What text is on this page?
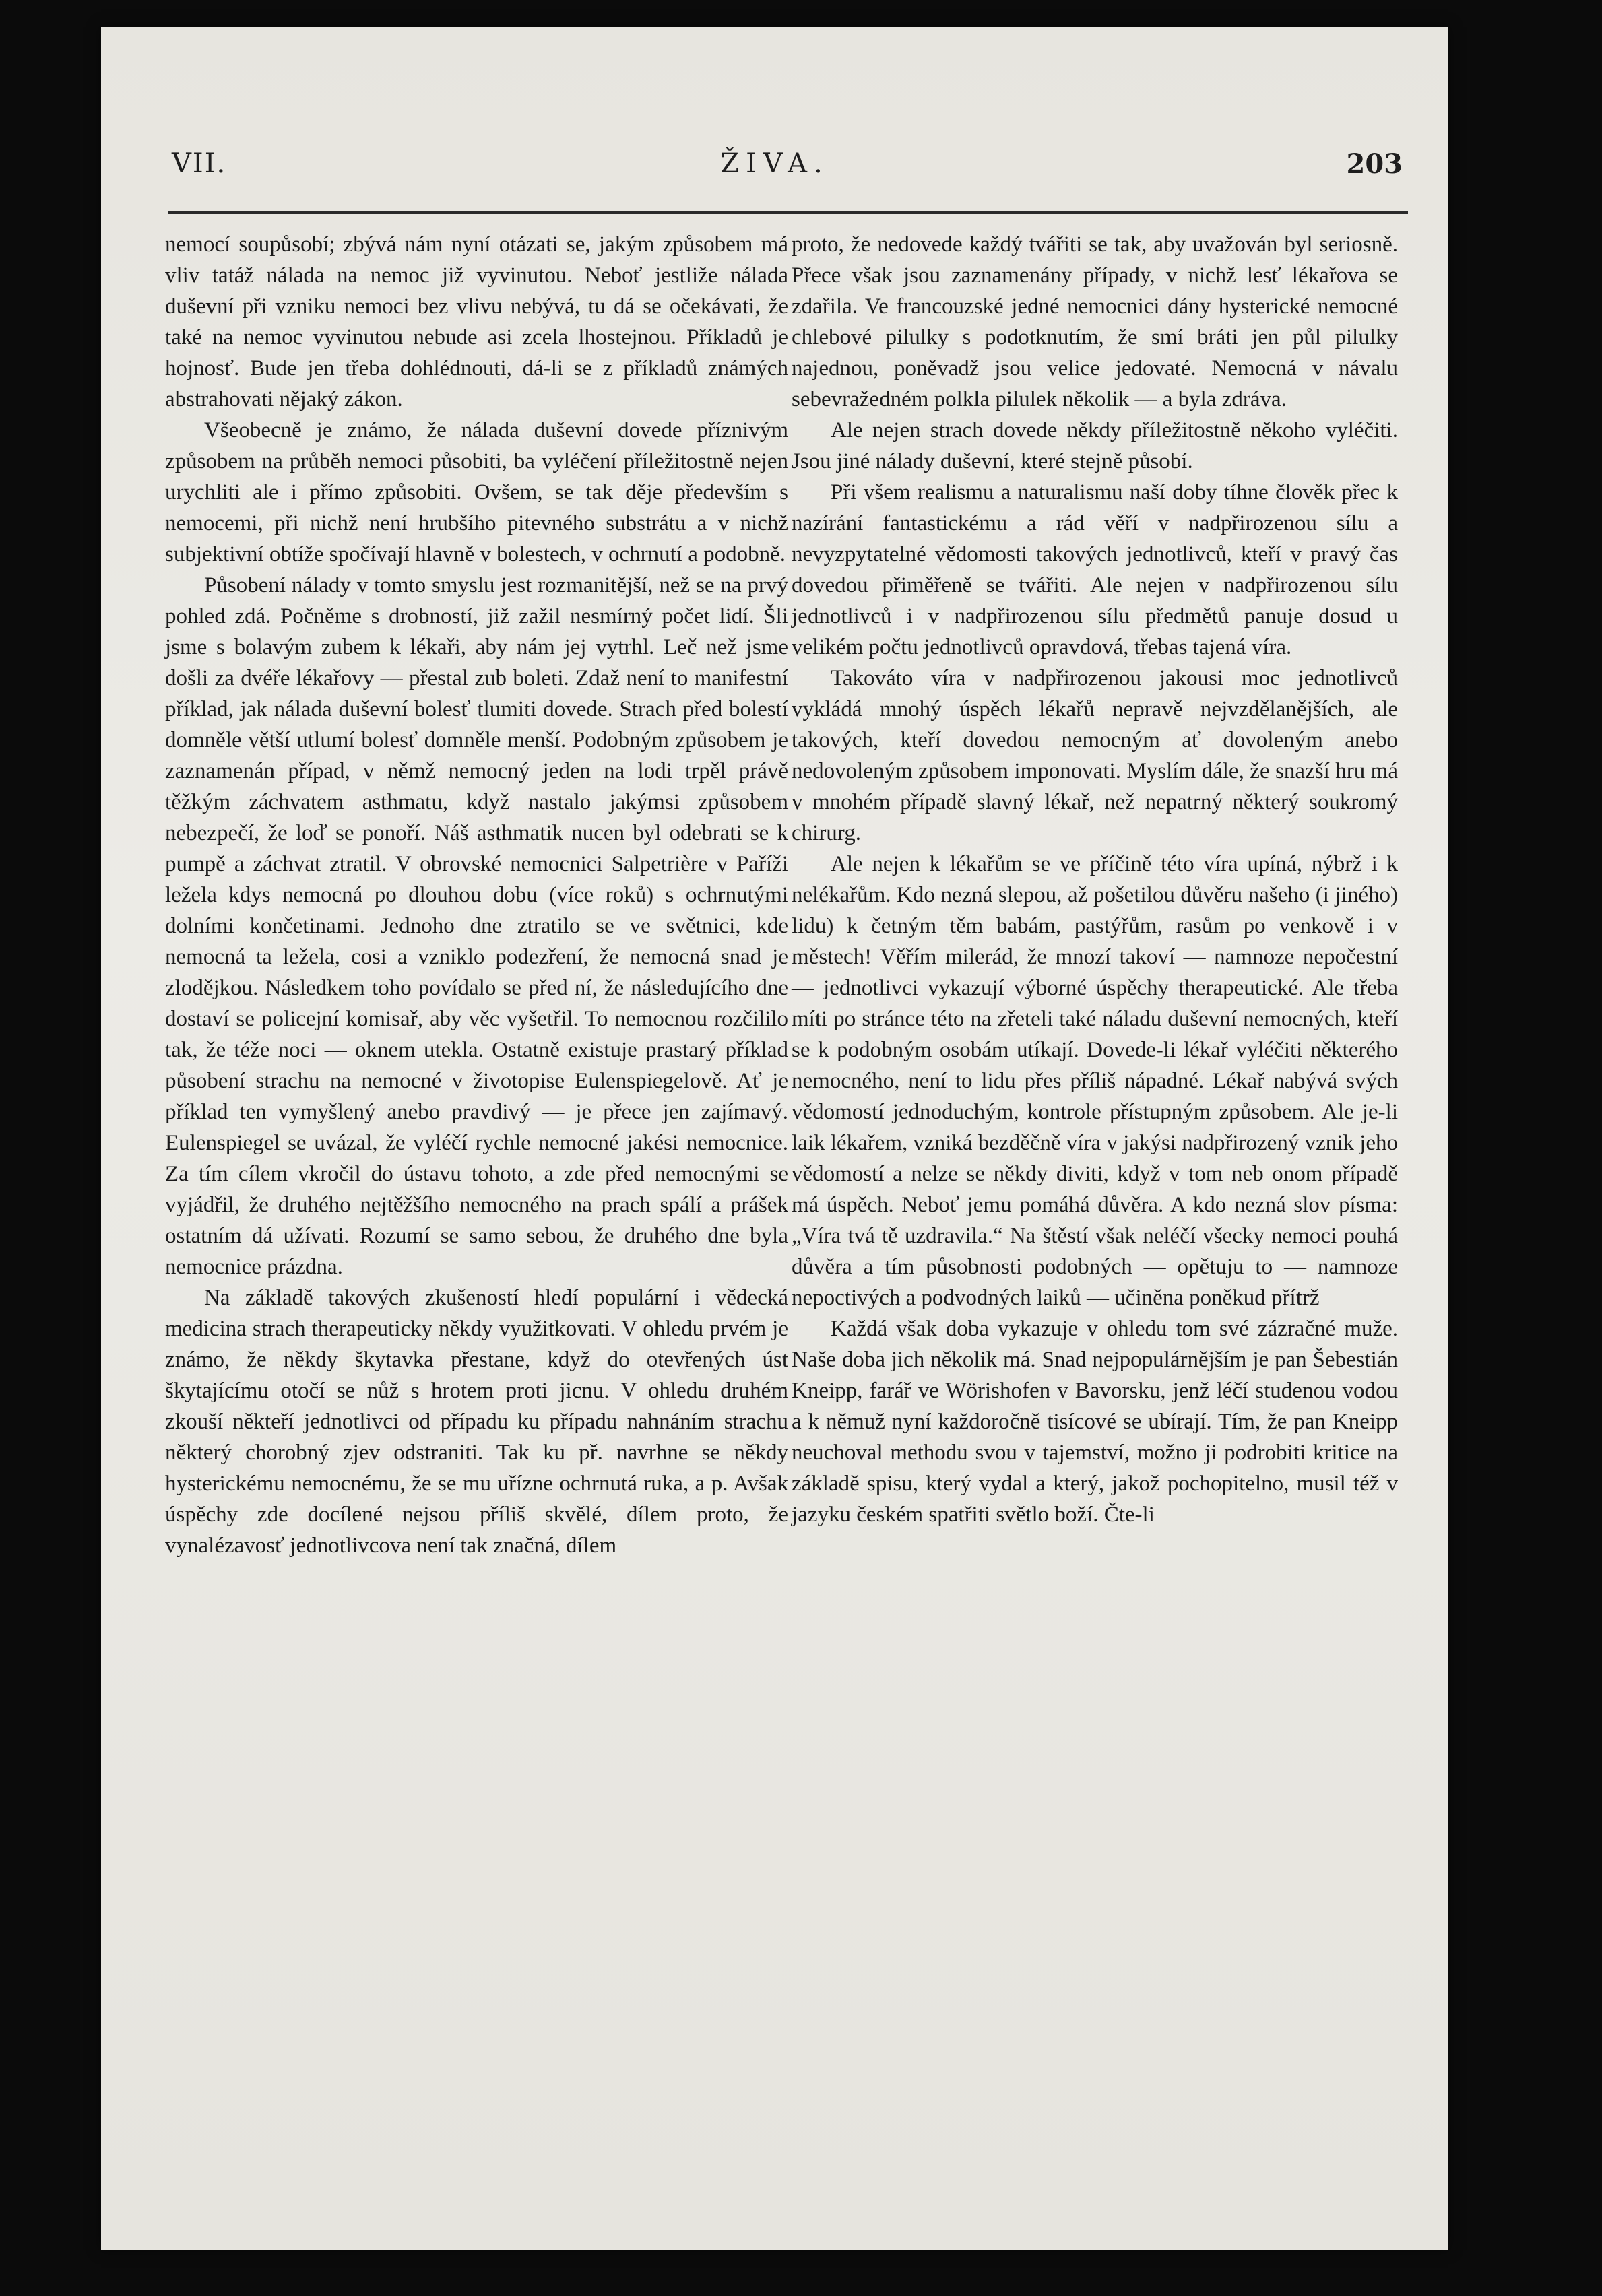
VII.	ŽIVA.	203

nemocí soupůsobí; zbývá nám nyní otázati se, jakým způsobem má vliv tatáž nálada na nemoc již vyvinutou. Neboť jestliže nálada duševní při vzniku nemoci bez vlivu nebývá, tu dá se očekávati, že také na nemoc vyvinutou nebude asi zcela lhostejnou. Příkladů je hojnosť. Bude jen třeba dohlédnouti, dá-li se z příkladů známých abstrahovati nějaký zákon.

Všeobecně je známo, že nálada duševní dovede příznivým způsobem na průběh nemoci působiti, ba vyléčení příležitostně nejen urychliti ale i přímo způsobiti. Ovšem, se tak děje především s nemocemi, při nichž není hrubšího pitevného substrátu a v nichž subjektivní obtíže spočívají hlavně v bolestech, v ochrnutí a podobně.

Působení nálady v tomto smyslu jest rozmanitější, než se na prvý pohled zdá. Počněme s drobností, již zažil nesmírný počet lidí. Šli jsme s bolavým zubem k lékaři, aby nám jej vytrhl. Leč než jsme došli za dvéře lékařovy — přestal zub boleti. Zdaž není to manifestní příklad, jak nálada duševní bolesť tlumiti dovede. Strach před bolestí domněle větší utlumí bolesť domněle menší. Podobným způsobem je zaznamenán případ, v němž nemocný jeden na lodi trpěl právě těžkým záchvatem asthmatu, když nastalo jakýmsi způsobem nebezpečí, že loď se ponoří. Náš asthmatik nucen byl odebrati se k pumpě a záchvat ztratil. V obrovské nemocnici Salpetrière v Paříži ležela kdys nemocná po dlouhou dobu (více roků) s ochrnutými dolními končetinami. Jednoho dne ztratilo se ve světnici, kde nemocná ta ležela, cosi a vzniklo podezření, že nemocná snad je zlodějkou. Následkem toho povídalo se před ní, že následujícího dne dostaví se policejní komisař, aby věc vyšetřil. To nemocnou rozčililo tak, že téže noci — oknem utekla. Ostatně existuje prastarý příklad působení strachu na nemocné v životopise Eulenspiegelově. Ať je příklad ten vymyšlený anebo pravdivý — je přece jen zajímavý. Eulenspiegel se uvázal, že vyléčí rychle nemocné jakési nemocnice. Za tím cílem vkročil do ústavu tohoto, a zde před nemocnými se vyjádřil, že druhého nejtěžšího nemocného na prach spálí a prášek ostatním dá užívati. Rozumí se samo sebou, že druhého dne byla nemocnice prázdna.

Na základě takových zkušeností hledí populární i vědecká medicina strach therapeuticky někdy využitkovati. V ohledu prvém je známo, že někdy škytavka přestane, když do otevřených úst škytajícímu otočí se nůž s hrotem proti jicnu. V ohledu druhém zkouší někteří jednotlivci od případu ku případu nahnáním strachu některý chorobný zjev odstraniti. Tak ku př. navrhne se někdy hysterickému nemocnému, že se mu uřízne ochrnutá ruka, a p. Avšak úspěchy zde docílené nejsou příliš skvělé, dílem proto, že vynalézavosť jednotlivcova není tak značná, dílem

proto, že nedovede každý tvářiti se tak, aby uvažován byl seriosně. Přece však jsou zaznamenány případy, v nichž lesť lékařova se zdařila. Ve francouzské jedné nemocnici dány hysterické nemocné chlebové pilulky s podotknutím, že smí bráti jen půl pilulky najednou, poněvadž jsou velice jedovaté. Nemocná v návalu sebevražedném polkla pilulek několik — a byla zdráva.

Ale nejen strach dovede někdy příležitostně někoho vyléčiti. Jsou jiné nálady duševní, které stejně působí.

Při všem realismu a naturalismu naší doby tíhne člověk přec k nazírání fantastickému a rád věří v nadpřirozenou sílu a nevyzpytatelné vědomosti takových jednotlivců, kteří v pravý čas dovedou přiměřeně se tvářiti. Ale nejen v nadpřirozenou sílu jednotlivců i v nadpřirozenou sílu předmětů panuje dosud u velikém počtu jednotlivců opravdová, třebas tajená víra.

Takováto víra v nadpřirozenou jakousi moc jednotlivců vykládá mnohý úspěch lékařů nepravě nejvzdělanějších, ale takových, kteří dovedou nemocným ať dovoleným anebo nedovoleným způsobem imponovati. Myslím dále, že snazší hru má v mnohém případě slavný lékař, než nepatrný některý soukromý chirurg.

Ale nejen k lékařům se ve příčině této víra upíná, nýbrž i k nelékařům. Kdo nezná slepou, až pošetilou důvěru našeho (i jiného) lidu) k četným těm babám, pastýřům, rasům po venkově i v městech! Věřím milerád, že mnozí takoví — namnoze nepočestní — jednotlivci vykazují výborné úspěchy therapeutické. Ale třeba míti po stránce této na zřeteli také náladu duševní nemocných, kteří se k podobným osobám utíkají. Dovede-li lékař vyléčiti některého nemocného, není to lidu přes příliš nápadné. Lékař nabývá svých vědomostí jednoduchým, kontrole přístupným způsobem. Ale je-li laik lékařem, vzniká bezděčně víra v jakýsi nadpřirozený vznik jeho vědomostí a nelze se někdy diviti, když v tom neb onom případě má úspěch. Neboť jemu pomáhá důvěra. A kdo nezná slov písma: „Víra tvá tě uzdravila.“ Na štěstí však neléčí všecky nemoci pouhá důvěra a tím působnosti podobných — opětuju to — namnoze nepoctivých a podvodných laiků — učiněna poněkud přítrž

Každá však doba vykazuje v ohledu tom své zázračné muže. Naše doba jich několik má. Snad nejpopulárnějším je pan Šebestián Kneipp, farář ve Wörishofen v Bavorsku, jenž léčí studenou vodou a k němuž nyní každoročně tisícové se ubírají. Tím, že pan Kneipp neuchoval methodu svou v tajemství, možno ji podrobiti kritice na základě spisu, který vydal a který, jakož pochopitelno, musil též v jazyku českém spatřiti světlo boží. Čte-li
